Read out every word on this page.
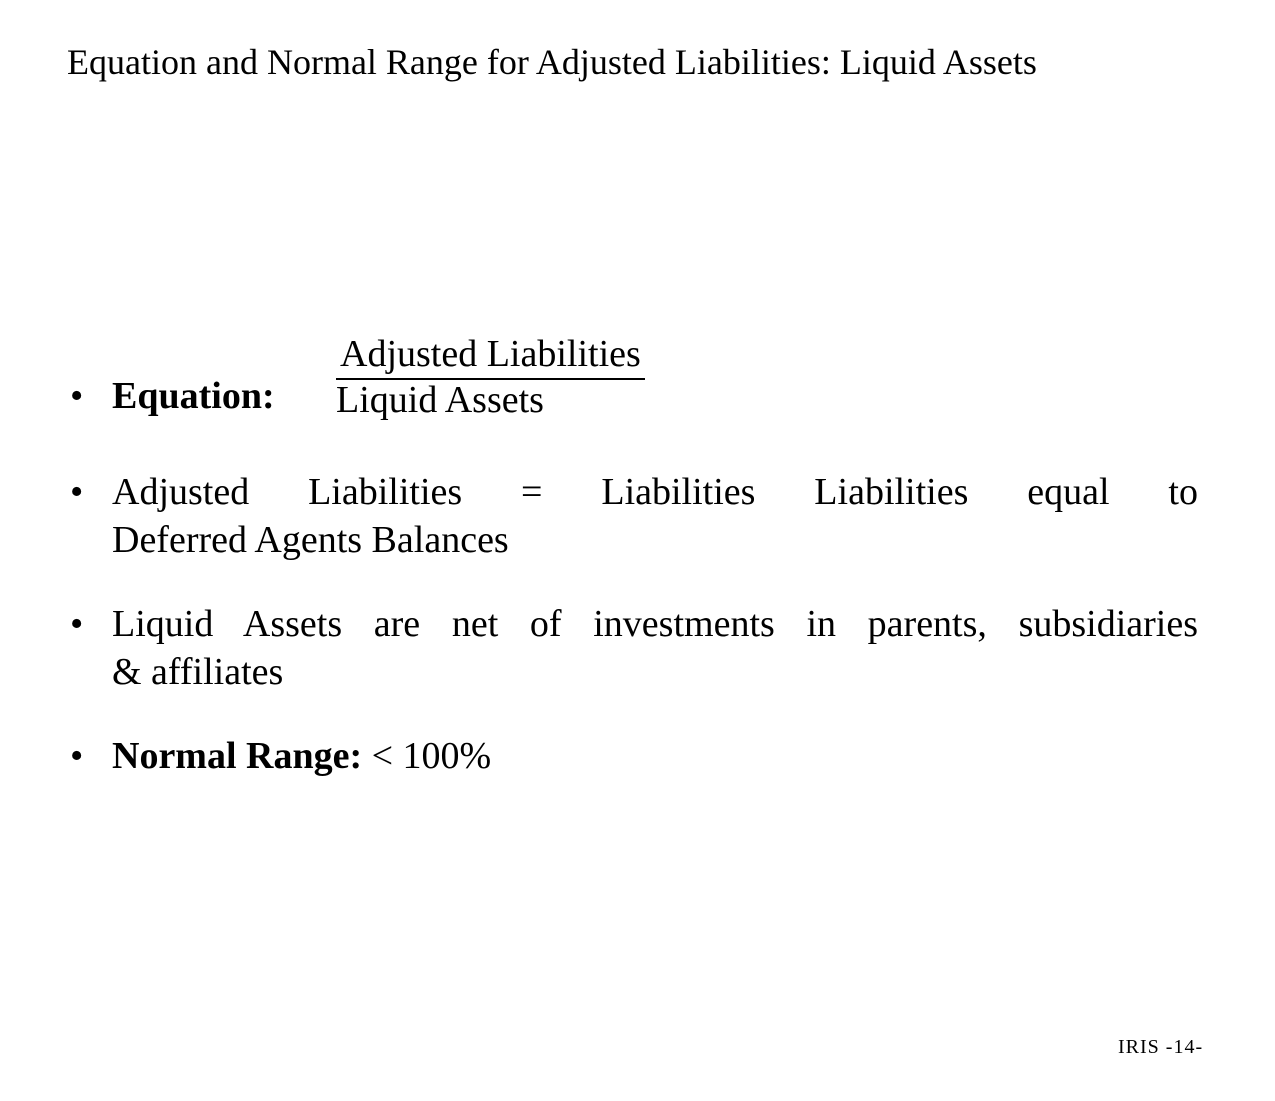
Equation and Normal Range for Adjusted Liabilities: Liquid Assets
• Equation:
Adjusted Liabilities
Liquid Assets
• Adjusted Liabilities = Liabilities Liabilities equal to
Deferred Agents Balances
• Liquid Assets are net of investments in parents, subsidiaries
& affiliates
• Normal Range: < 100%
IRIS -14-
